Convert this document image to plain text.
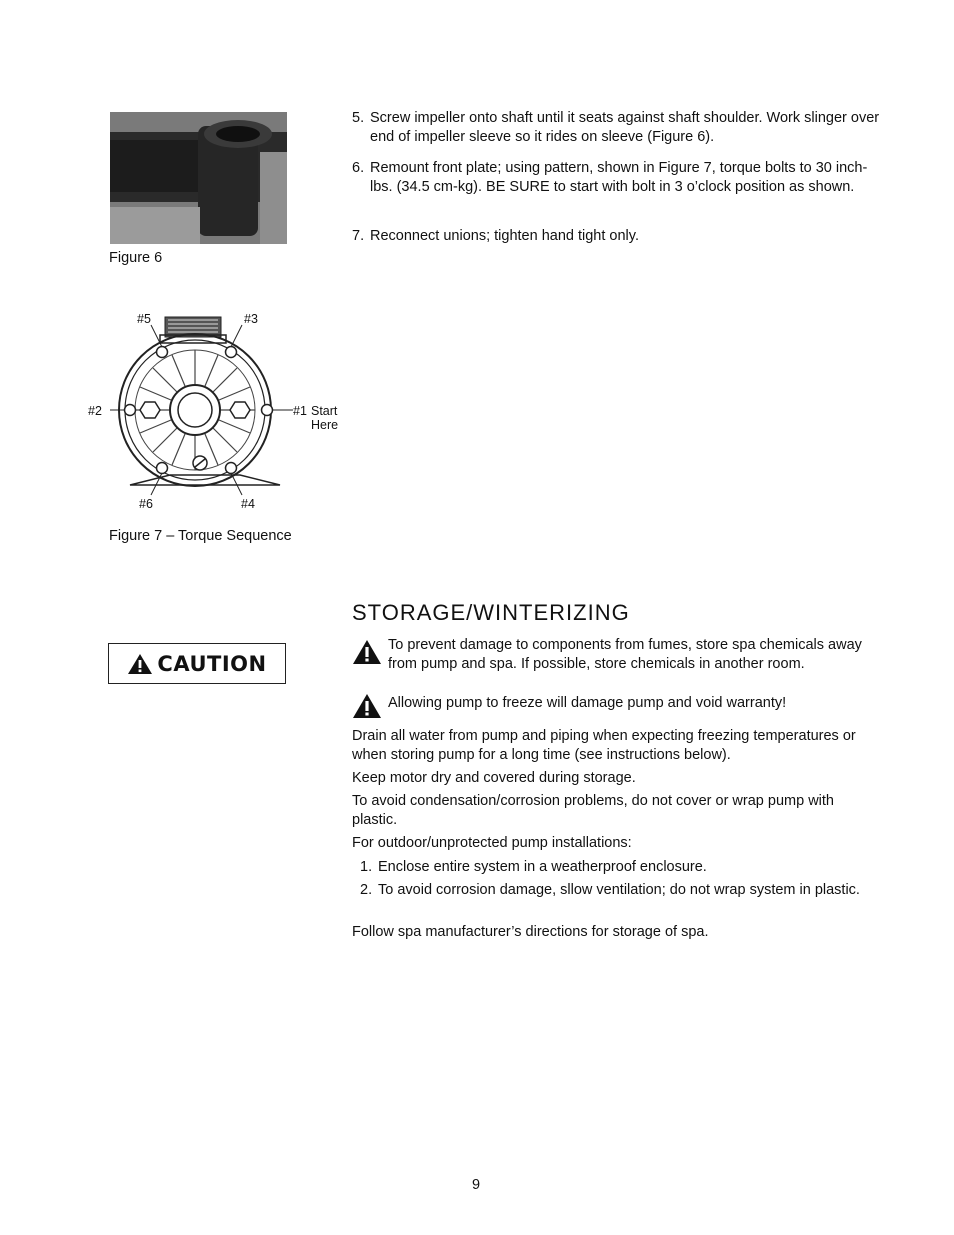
Figure 6
#5	#3
#2	#1 Start
Here
#6	#4
Figure 7 – Torque Sequence
5. Screw impeller onto shaft until it seats against shaft shoulder. Work slinger over end of impeller sleeve so it rides on sleeve (Figure 6).
6. Remount front plate; using pattern, shown in Figure 7, torque bolts to 30 inch-lbs. (34.5 cm-kg). BE SURE to start with bolt in 3 o’clock position as shown.
7. Reconnect unions; tighten hand tight only.
STORAGE/WINTERIZING
CAUTION
To prevent damage to components from fumes, store spa chemicals away from pump and spa. If possible, store chemicals in another room.
Allowing pump to freeze will damage pump and void warranty!
Drain all water from pump and piping when expecting freezing temperatures or when storing pump for a long time (see instructions below).
Keep motor dry and covered during storage.
To avoid condensation/corrosion problems, do not cover or wrap pump with plastic.
For outdoor/unprotected pump installations:
1. Enclose entire system in a weatherproof enclosure.
2. To avoid corrosion damage, sllow ventilation; do not wrap system in plastic.
Follow spa manufacturer’s directions for storage of spa.
9
